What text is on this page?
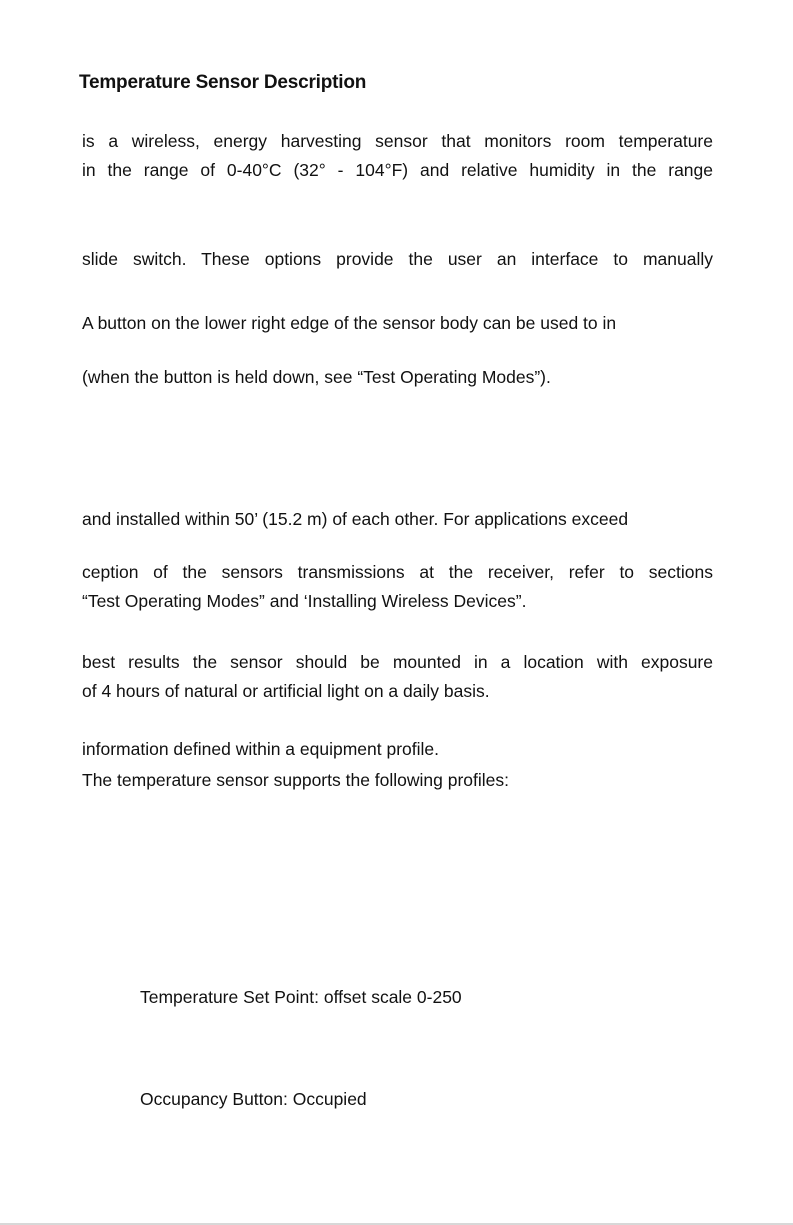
Temperature Sensor Description
is a wireless, energy harvesting sensor that monitors room temperature
in the range of 0-40°C (32° - 104°F) and relative humidity in the range
slide switch. These options provide the user an interface to manually
A button on the lower right edge of the sensor body can be used to in
(when the button is held down, see “Test Operating Modes”).
and installed within 50’ (15.2 m) of each other. For applications exceed
ception of the sensors transmissions at the receiver, refer to sections
“Test Operating Modes” and ‘Installing Wireless Devices”.
best results the sensor should be mounted in a location with exposure
of 4 hours of natural or artificial light on a daily basis.
information defined within a equipment profile.
The temperature sensor supports the following profiles:
Temperature Set Point: offset scale 0-250
Occupancy Button: Occupied
